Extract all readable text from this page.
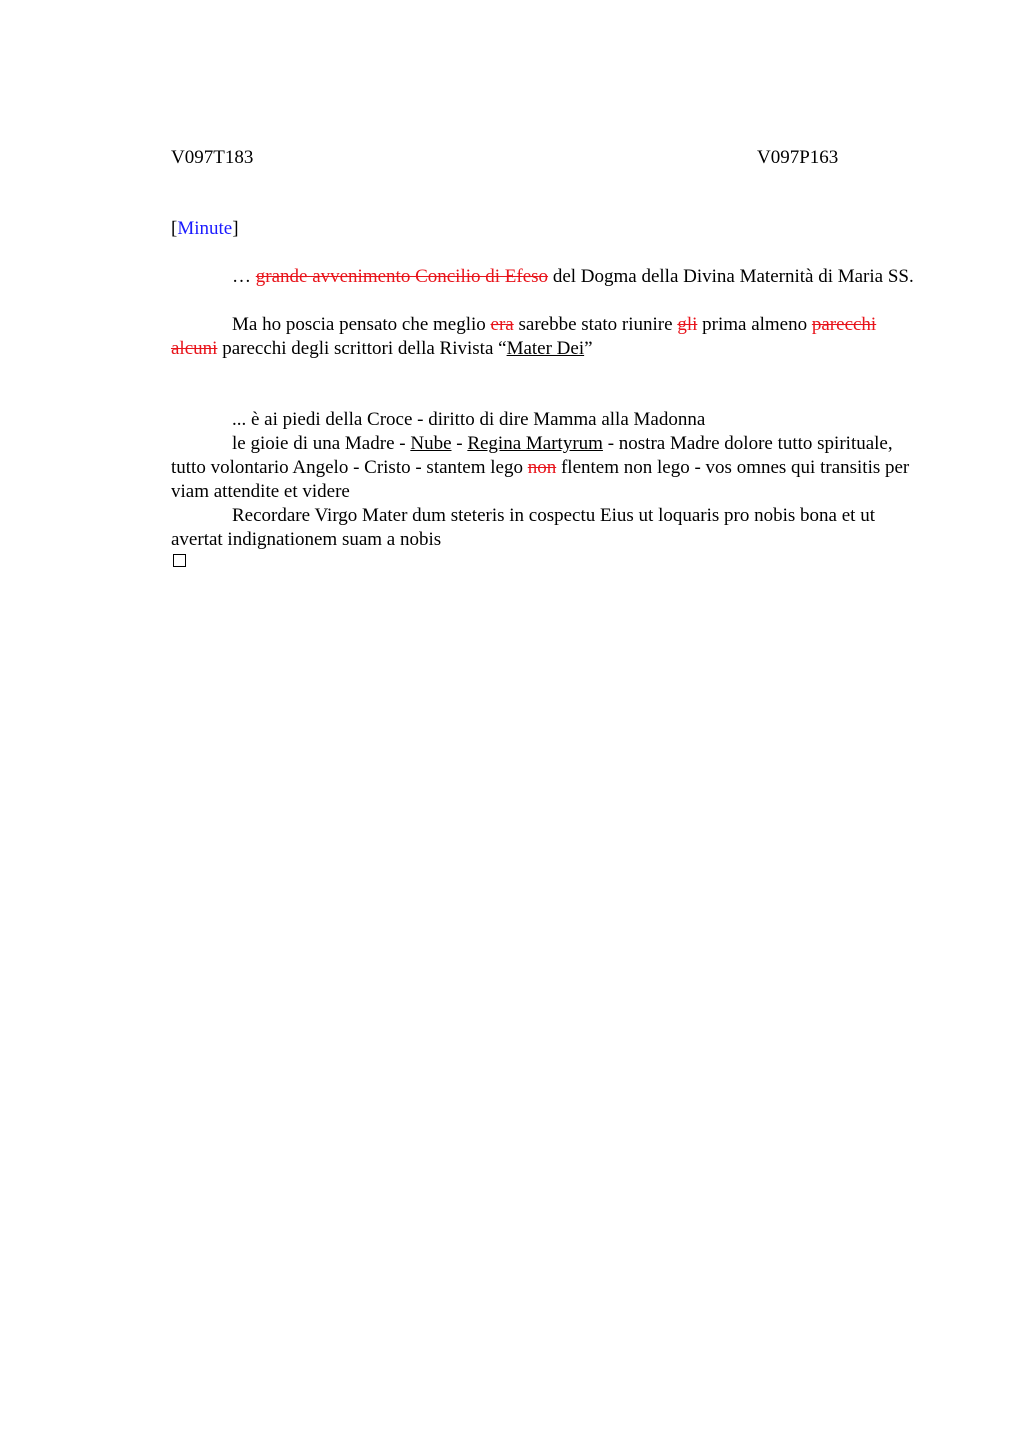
V097T183	V097P163
[Minute]

… grande avvenimento Concilio di Efeso del Dogma della Divina Maternità di Maria SS.

Ma ho poscia pensato che meglio era sarebbe stato riunire gli prima almeno parecchi alcuni parecchi degli scrittori della Rivista “Mater Dei”

... è ai piedi della Croce - diritto di dire Mamma alla Madonna

le gioie di una Madre - Nube - Regina Martyrum - nostra Madre dolore tutto spirituale, tutto volontario Angelo - Cristo - stantem lego non flentem non lego - vos omnes qui transitis per viam attendite et videre

Recordare Virgo Mater dum steteris in cospectu Eius ut loquaris pro nobis bona et ut avertat indignationem suam a nobis
